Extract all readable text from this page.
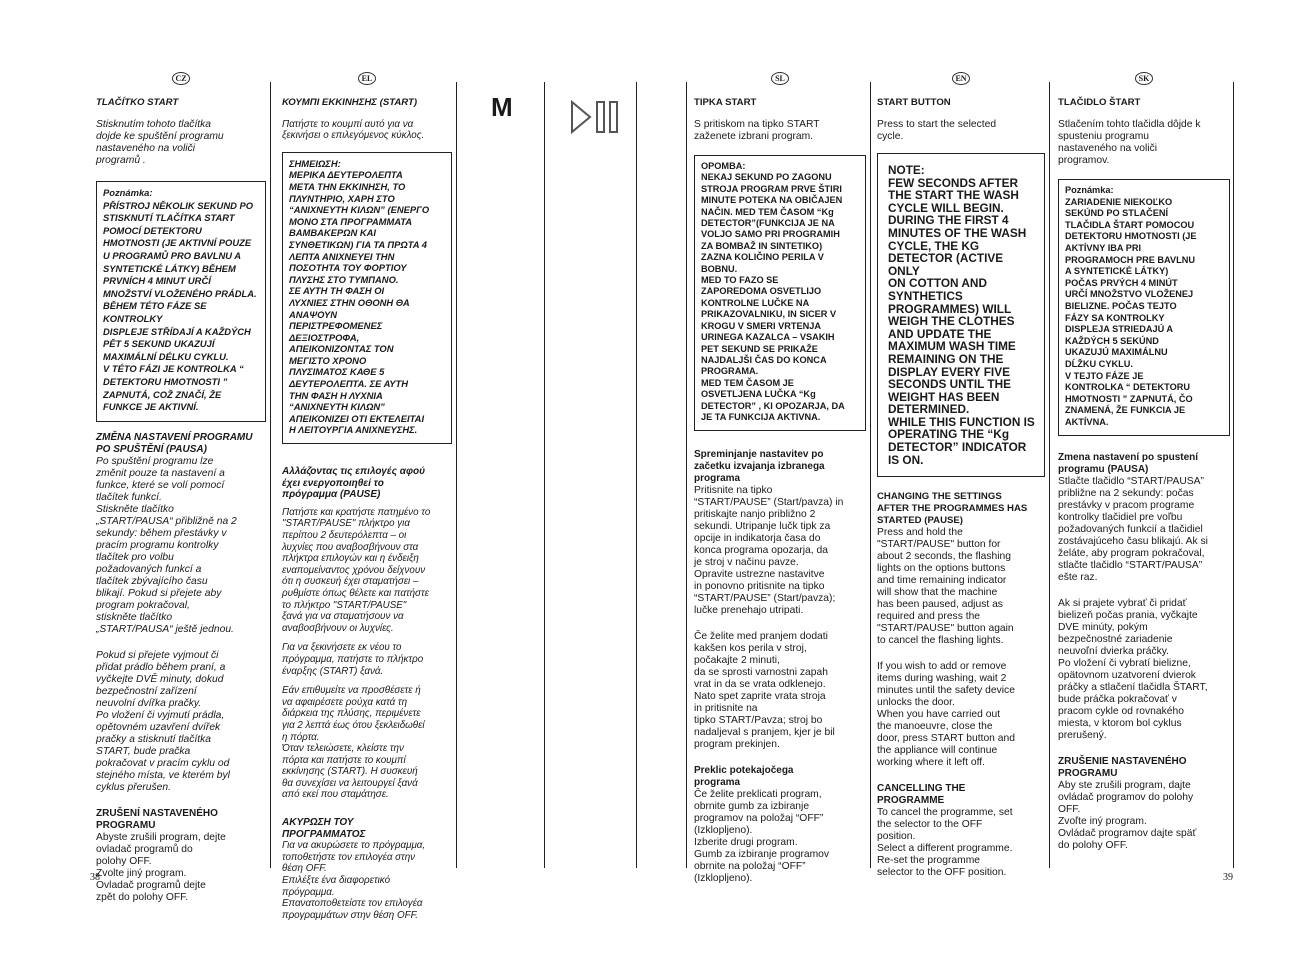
CZ

TLAČÍTKO START

Stisknutím tohoto tlačítka
dojde ke spuštění programu
nastaveného na voliči
programů .

Poznámka:
PŘÍSTROJ NĚKOLIK SEKUND PO
STISKNUTÍ TLAČÍTKA START
POMOCÍ DETEKTORU
HMOTNOSTI (JE AKTIVNÍ POUZE
U PROGRAMŮ PRO BAVLNU A
SYNTETICKÉ LÁTKY) BĚHEM
PRVNÍCH 4 MINUT URČÍ
MNOŽSTVÍ VLOŽENÉHO PRÁDLA.
BĚHEM TÉTO FÁZE SE KONTROLKY
DISPLEJE STŘÍDAJÍ A KAŽDÝCH
PĚT 5 SEKUND UKAZUJÍ
MAXIMÁLNÍ DÉLKU CYKLU.
V TÉTO FÁZI JE KONTROLKA “
DETEKTORU HMOTNOSTI ”
ZAPNUTÁ, COŽ ZNAČÍ, ŽE
FUNKCE JE AKTIVNÍ.

ZMĚNA NASTAVENÍ PROGRAMU
PO SPUŠTĚNÍ (PAUSA)

Po spuštění programu lze
změnit pouze ta nastavení a
funkce, které se volí pomocí
tlačítek funkcí.
Stiskněte tlačítko
„START/PAUSA“ přibližně na 2
sekundy: během přestávky v
pracím programu kontrolky
tlačítek pro volbu
požadovaných funkcí a
tlačítek zbývajícího času
blikají. Pokud si přejete aby
program pokračoval,
stiskněte tlačítko
„START/PAUSA“ ještě jednou.

Pokud si přejete vyjmout či
přidat prádlo během praní, a
vyčkejte DVĚ minuty, dokud
bezpečnostní zařízení
neuvolní dvířka pračky.
Po vložení či vyjmutí prádla,
opětovném uzavření dvířek
pračky a stisknutí tlačítka
START, bude pračka
pokračovat v pracím cyklu od
stejného místa, ve kterém byl
cyklus přerušen.

ZRUŠENÍ NASTAVENÉHO
PROGRAMU

Abyste zrušili program, dejte
ovladač programů do
polohy OFF.
Zvolte jiný program.
Ovladač programů dejte
zpět do polohy OFF.

EL

ΚΟΥΜΠΙ ΕΚΚΙΝΗΣΗΣ (START)

Πατήστε το κουμπί αυτό για να
ξεκινήσει ο επιλεγόμενος κύκλος.

ΣΗΜΕΙΩΣΗ:
ΜΕΡΙΚΑ ΔΕΥΤΕΡΟΛΕΠΤΑ
ΜΕΤΑ ΤΗΝ ΕΚΚΙΝΗΣΗ, ΤΟ
ΠΛΥΝΤΗΡΙΟ, ΧΑΡΗ ΣΤΟ
“ΑΝΙΧΝΕΥΤΗ ΚΙΛΩΝ” (ΕΝΕΡΓΟ
ΜΟΝΟ ΣΤΑ ΠΡΟΓΡΑΜΜΑΤΑ
ΒΑΜΒΑΚΕΡΩΝ ΚΑΙ
ΣΥΝΘΕΤΙΚΩΝ) ΓΙΑ ΤΑ ΠΡΩΤΑ 4
ΛΕΠΤΑ ΑΝΙΧΝΕΥΕΙ ΤΗΝ
ΠΟΣΟΤΗΤΑ ΤΟΥ ΦΟΡΤΙΟΥ
ΠΛΥΣΗΣ ΣΤΟ ΤΥΜΠΑΝΟ.
ΣΕ ΑΥΤΗ ΤΗ ΦΑΣΗ ΟΙ
ΛΥΧΝΙΕΣ ΣΤΗΝ ΟΘΟΝΗ ΘΑ
ΑΝΑΨΟΥΝ
ΠΕΡΙΣΤΡΕΦΟΜΕΝΕΣ
ΔΕΞΙΟΣΤΡΟΦΑ,
ΑΠΕΙΚΟΝΙΖΟΝΤΑΣ ΤΟΝ
ΜΕΓΙΣΤΟ ΧΡΟΝΟ
ΠΛΥΣΙΜΑΤΟΣ ΚΑΘΕ 5
ΔΕΥΤΕΡΟΛΕΠΤΑ. ΣΕ ΑΥΤΗ
ΤΗΝ ΦΑΣΗ Η ΛΥΧΝΙΑ
“ΑΝΙΧΝΕΥΤΗ ΚΙΛΩΝ”
ΑΠΕΙΚΟΝΙΖΕΙ ΟΤΙ ΕΚΤΕΛΕΙΤΑΙ
Η ΛΕΙΤΟΥΡΓΙΑ ΑΝΙΧΝΕΥΣΗΣ.

Αλλάζοντας τις επιλογές αφού
έχει ενεργοποιηθεί το
πρόγραμμα (PAUSE)

Πατήστε και κρατήστε πατημένο το
"START/PAUSE" πλήκτρο για
περίπου 2 δευτερόλεπτα – οι
λυχνίες που αναβοσβήνουν στα
πλήκτρα επιλογών και η ένδειξη
εναπομείναντος χρόνου δείχνουν
ότι η συσκευή έχει σταματήσει –
ρυθμίστε όπως θέλετε και πατήστε
το πλήκτρο "START/PAUSE"
ξανά για να σταματήσουν να
αναβοσβήνουν οι λυχνίες.

Για να ξεκινήσετε εκ νέου το
πρόγραμμα, πατήστε το πλήκτρο
έναρξης (START) ξανά.

Εάν επιθυμείτε να προσθέσετε ή
να αφαιρέσετε ρούχα κατά τη
διάρκεια της πλύσης, περιμένετε
για 2 λεπτά έως ότου ξεκλειδωθεί
η πόρτα.
Όταν τελειώσετε, κλείστε την
πόρτα και πατήστε το κουμπί
εκκίνησης (START). Η συσκευή
θα συνεχίσει να λειτουργεί ξανά
από εκεί που σταμάτησε.

ΑΚΥΡΩΣΗ ΤΟΥ
ΠΡΟΓΡΑΜΜΑΤΟΣ

Για να ακυρώσετε το πρόγραμμα,
τοποθετήστε τον επιλογέα στην
θέση OFF.
Επιλέξτε ένα διαφορετικό
πρόγραμμα.
Επανατοποθετείστε τον επιλογέα
προγραμμάτων στην θέση OFF.

M
SL

TIPKA START

S pritiskom na tipko START
zaženete izbrani program.

OPOMBA:
NEKAJ SEKUND PO ZAGONU
STROJA PROGRAM PRVE ŠTIRI
MINUTE POTEKA NA OBIČAJEN
NAČIN. MED TEM ČASOM “Kg
DETECTOR”(FUNKCIJA JE NA
VOLJO SAMO PRI PROGRAMIH
ZA BOMBAŽ IN SINTETIKO)
ZAZNA KOLIČINO PERILA V
BOBNU.
MED TO FAZO SE
ZAPOREDOMA OSVETLIJO
KONTROLNE LUČKE NA
PRIKAZOVALNIKU, IN SICER V
KROGU V SMERI VRTENJA
URINEGA KAZALCA – VSAKIH
PET SEKUND SE PRIKAŽE
NAJDALJŠI ČAS DO KONCA
PROGRAMA.
MED TEM ČASOM JE
OSVETLJENA LUČKA “Kg
DETECTOR” , KI OPOZARJA, DA
JE TA FUNKCIJA AKTIVNA.

Spreminjanje nastavitev po
začetku izvajanja izbranega
programa

Pritisnite na tipko
“START/PAUSE” (Start/pavza) in
pritiskajte nanjo približno 2
sekundi. Utripanje lučk tipk za
opcije in indikatorja časa do
konca programa opozarja, da
je stroj v načinu pavze.
Opravite ustrezne nastavitve
in ponovno pritisnite na tipko
“START/PAUSE” (Start/pavza);
lučke prenehajo utripati.

Če želite med pranjem dodati
kakšen kos perila v stroj,
počakajte 2 minuti,
da se sprosti varnostni zapah
vrat in da se vrata odklenejo.
Nato spet zaprite vrata stroja
in pritisnite na
tipko START/Pavza; stroj bo
nadaljeval s pranjem, kjer je bil
program prekinjen.

Preklic potekajočega
programa

Če želite preklicati program,
obrnite gumb za izbiranje
programov na položaj “OFF”
(Izklopljeno).
Izberite drugi program.
Gumb za izbiranje programov
obrnite na položaj “OFF”
(Izklopljeno).

EN

START BUTTON

Press to start the selected
cycle.

NOTE:
FEW SECONDS AFTER
THE START THE WASH
CYCLE WILL BEGIN.
DURING THE FIRST 4
MINUTES OF THE WASH
CYCLE, THE KG
DETECTOR (ACTIVE ONLY
ON COTTON AND
SYNTHETICS
PROGRAMMES) WILL
WEIGH THE CLOTHES
AND UPDATE THE
MAXIMUM WASH TIME
REMAINING ON THE
DISPLAY EVERY FIVE
SECONDS UNTIL THE
WEIGHT HAS BEEN
DETERMINED.
WHILE THIS FUNCTION IS
OPERATING THE “Kg
DETECTOR” INDICATOR
IS ON.

CHANGING THE SETTINGS
AFTER THE PROGRAMMES HAS
STARTED (PAUSE)

Press and hold the
"START/PAUSE" button for
about 2 seconds, the flashing
lights on the options buttons
and time remaining indicator
will show that the machine
has been paused, adjust as
required and press the
"START/PAUSE" button again
to cancel the flashing lights.

If you wish to add or remove
items during washing, wait 2
minutes until the safety device
unlocks the door.
When you have carried out
the manoeuvre, close the
door, press START button and
the appliance will continue
working where it left off.

CANCELLING THE
PROGRAMME

To cancel the programme, set
the selector to the OFF
position.
Select a different programme.
Re-set the programme
selector to the OFF position.

SK

TLAČIDLO ŠTART

Stlačením tohto tlačidla dôjde k
spusteniu programu
nastaveného na voliči
programov.

Poznámka:
ZARIADENIE NIEKOĽKO
SEKÚND PO STLAČENÍ
TLAČIDLA ŠTART POMOCOU
DETEKTORU HMOTNOSTI (JE
AKTÍVNY IBA PRI
PROGRAMOCH PRE BAVLNU
A SYNTETICKÉ LÁTKY)
POČAS PRVÝCH 4 MINÚT
URČÍ MNOŽSTVO VLOŽENEJ
BIELIZNE. POČAS TEJTO
FÁZY SA KONTROLKY
DISPLEJA STRIEDAJÚ A
KAŽDÝCH 5 SEKÚND
UKAZUJÚ MAXIMÁLNU
DĹŽKU CYKLU.
V TEJTO FÁZE JE
KONTROLKA “ DETEKTORU
HMOTNOSTI ” ZAPNUTÁ, ČO
ZNAMENÁ, ŽE FUNKCIA JE
AKTÍVNA.

Zmena nastavení po spustení
programu (PAUSA)

Stlačte tlačidlo “START/PAUSA”
približne na 2 sekundy: počas
prestávky v pracom programe
kontrolky tlačidiel pre voľbu
požadovaných funkcií a tlačidiel
zostávajúceho času blikajú. Ak si
želáte, aby program pokračoval,
stlačte tlačidlo “START/PAUSA”
ešte raz.

Ak si prajete vybrať či pridať
bielizeň počas prania, vyčkajte
DVE minúty, pokým
bezpečnostné zariadenie
neuvoľní dvierka práčky.
Po vložení či vybratí bielizne,
opätovnom uzatvorení dvierok
práčky a stlačení tlačidla ŠTART,
bude práčka pokračovať v
pracom cykle od rovnakého
miesta, v ktorom bol cyklus
prerušený.

ZRUŠENIE NASTAVENÉHO
PROGRAMU

Aby ste zrušili program, dajte
ovládač programov do polohy
OFF.
Zvoľte iný program.
Ovládač programov dajte späť
do polohy OFF.

38	39
